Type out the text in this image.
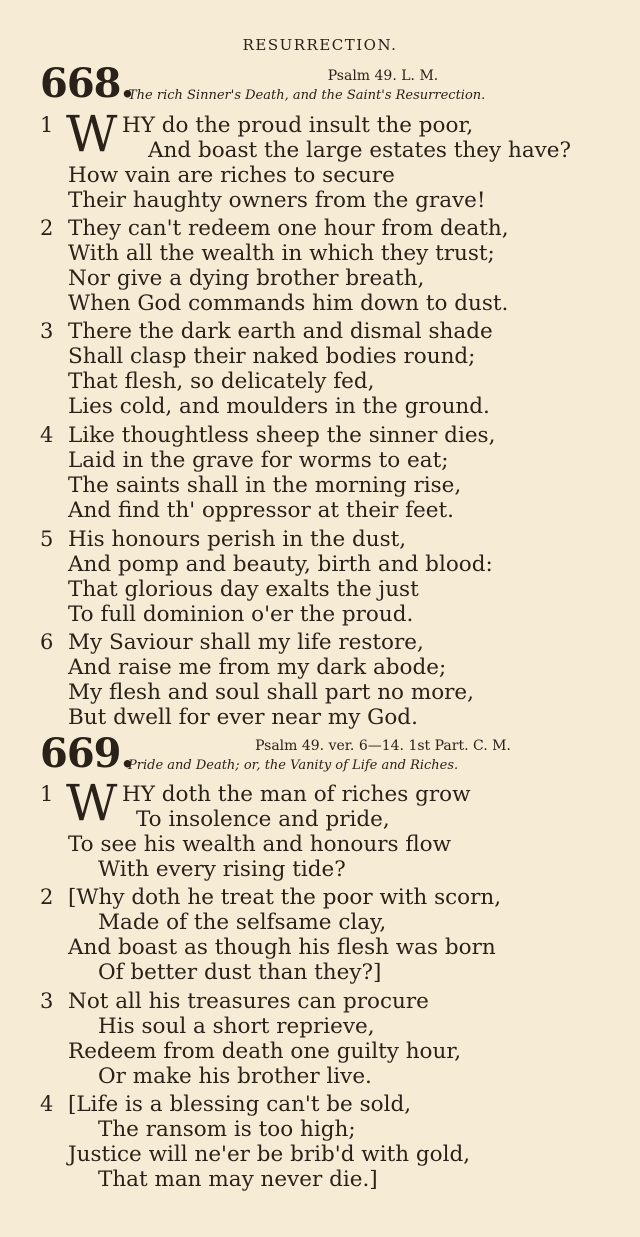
RESURRECTION.
668.	Psalm 49. L. M.
The rich Sinner's Death, and the Saint's Resurrection.
1 W HY do the proud insult the poor,
And boast the large estates they have?
How vain are riches to secure
Their haughty owners from the grave!
2 They can't redeem one hour from death,
With all the wealth in which they trust;
Nor give a dying brother breath,
When God commands him down to dust.
3 There the dark earth and dismal shade
Shall clasp their naked bodies round;
That flesh, so delicately fed,
Lies cold, and moulders in the ground.
4 Like thoughtless sheep the sinner dies,
Laid in the grave for worms to eat;
The saints shall in the morning rise,
And find th' oppressor at their feet.
5 His honours perish in the dust,
And pomp and beauty, birth and blood:
That glorious day exalts the just
To full dominion o'er the proud.
6 My Saviour shall my life restore,
And raise me from my dark abode;
My flesh and soul shall part no more,
But dwell for ever near my God.
669.	Psalm 49. ver. 6—14. 1st Part. C. M.
Pride and Death; or, the Vanity of Life and Riches.
1 W HY doth the man of riches grow
To insolence and pride,
To see his wealth and honours flow
With every rising tide?
2 [Why doth he treat the poor with scorn,
Made of the selfsame clay,
And boast as though his flesh was born
Of better dust than they?]
3 Not all his treasures can procure
His soul a short reprieve,
Redeem from death one guilty hour,
Or make his brother live.
4 [Life is a blessing can't be sold,
The ransom is too high;
Justice will ne'er be brib'd with gold,
That man may never die.]
